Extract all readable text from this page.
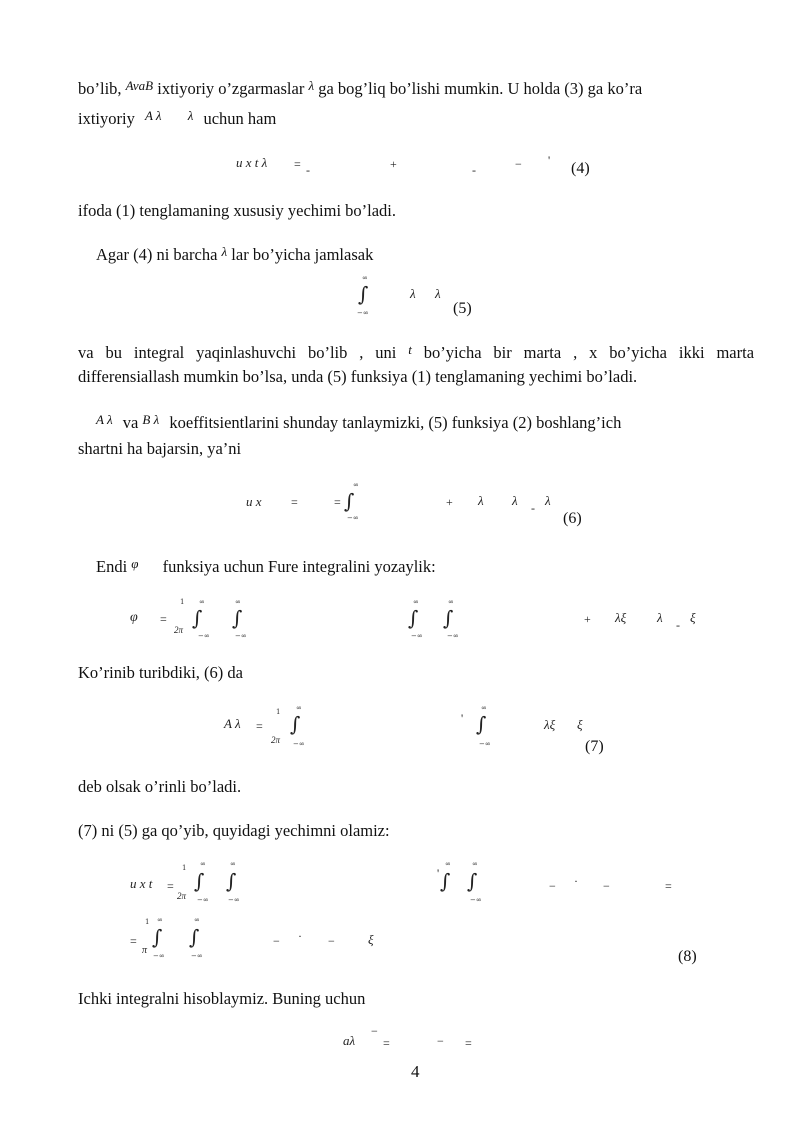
bo’lib, $^{AvaB}$ ixtiyoriy o’zgarmaslar $^\lambda$ ga bog’liq bo’lishi mumkin. U holda (3) ga ko’ra
ixtiyoriy $^{A \lambda}$ $^\lambda$ uchun ham
u x t λ = -	+	-	− ' (4)
ifoda (1) tenglamaning xususiy yechimi bo’ladi.
Agar (4) ni barcha $^\lambda$ lar bo’yicha jamlasak
∞
∫
−∞
λ λ
(5)
va bu integral yaqinlashuvchi bo’lib , uni $^t$ bo’yicha bir marta , x bo’yicha ikki marta
differensiallash mumkin bo’lsa, unda (5) funksiya (1) tenglamaning yechimi bo’ladi.
$^{A \lambda}$ va $^{B \lambda}$ koeffitsientlarini shunday tanlaymizki, (5) funksiya (2) boshlang’ich
shartni ha bajarsin, ya’ni
u x =	=
∞
∫
−∞
+ λ λ - λ
(6)
Endi $^\varphi$ funksiya uchun Fure integralini yozaylik:
φ =
1 ∞	∞
2π ∫ ∫
−∞	−∞
∞	∞
∫ ∫
−∞	−∞
+ λξ λ - ξ
Ko’rinib turibdiki, (6) da
A λ =
1 ∞
2π
∫
−∞
'
∞
∫
−∞
λξ ξ
(7)
deb olsak o’rinli bo’ladi.
(7) ni (5) ga qo’yib, quyidagi yechimni olamiz:
u x t =
1 ∞	∞
2π
∫ ∫
−∞	−∞
'
∞	∞
∫ ∫
−∞
− · −	=
=
1 ∞	∞
π
∫ ∫
−∞	−∞
− · −	ξ
(8)
Ichki integralni hisoblaymiz. Buning uchun
aλ
−
=	− =
4
